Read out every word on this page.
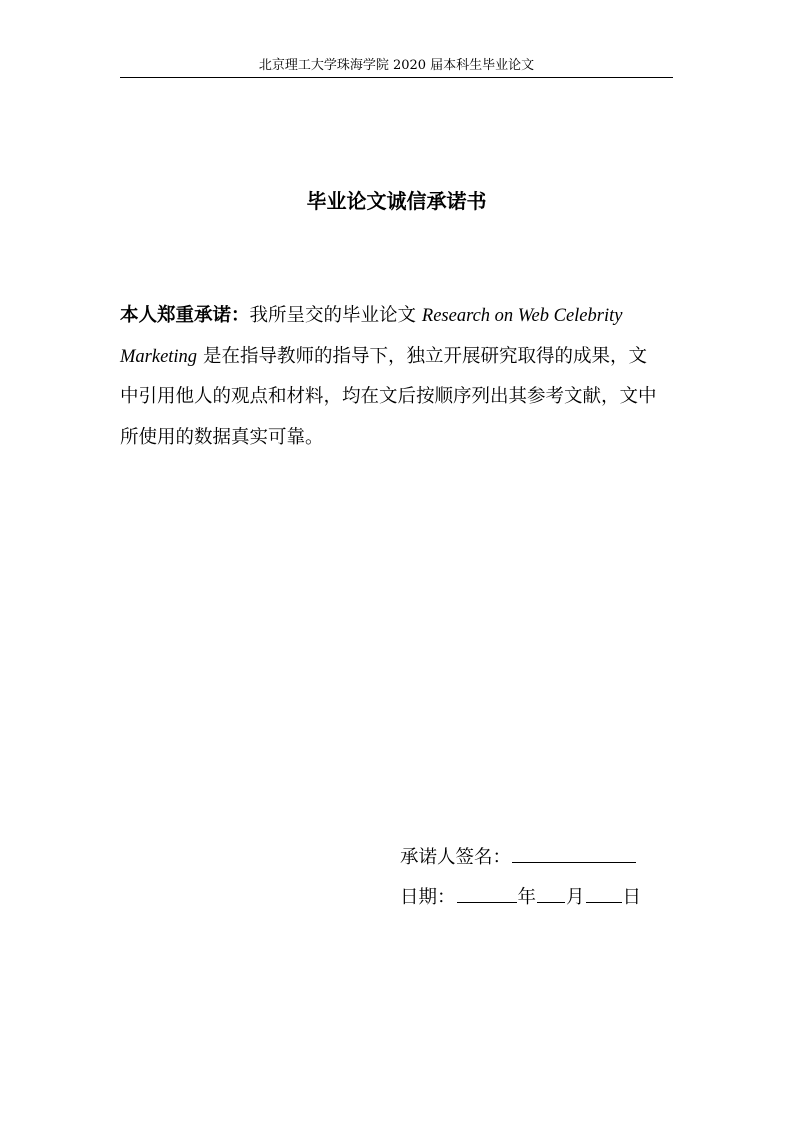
北京理工大学珠海学院 2020 届本科生毕业论文
毕业论文诚信承诺书
本人郑重承诺：我所呈交的毕业论文 Research on Web Celebrity Marketing 是在指导教师的指导下，独立开展研究取得的成果，文中引用他人的观点和材料，均在文后按顺序列出其参考文献，文中所使用的数据真实可靠。
承诺人签名：
日期：	年 月 日
